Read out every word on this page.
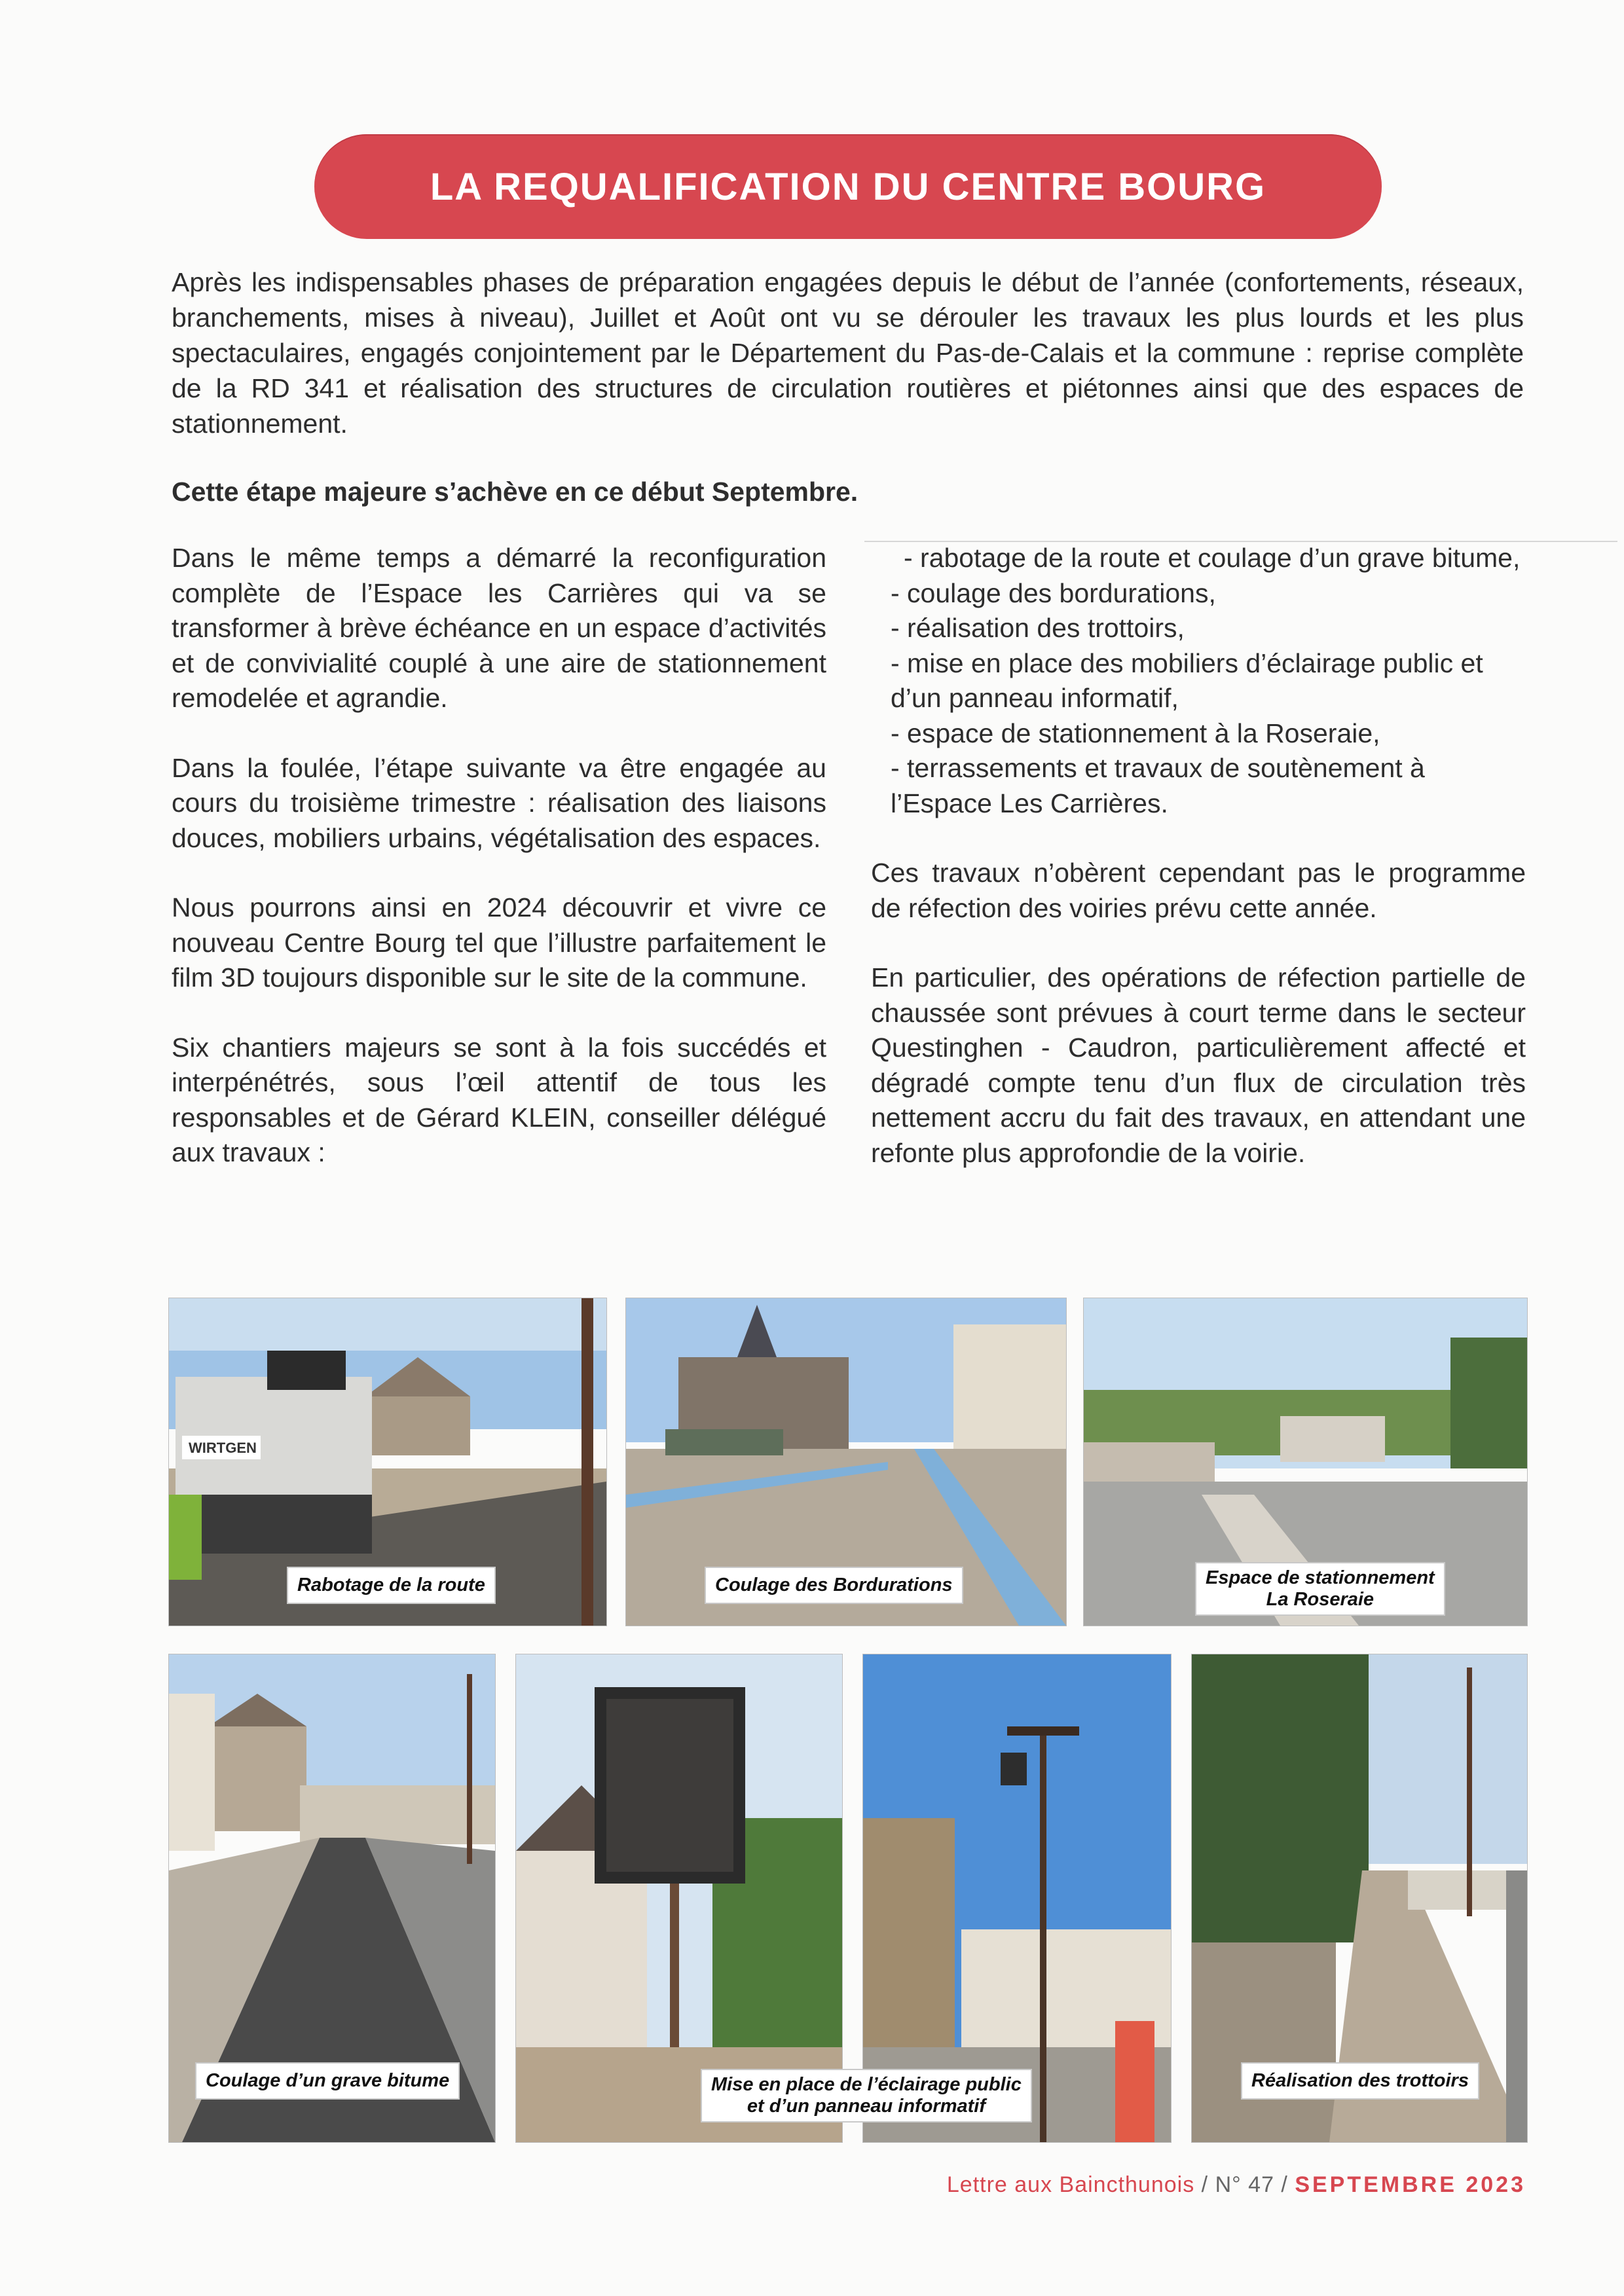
LA REQUALIFICATION DU CENTRE BOURG

Après les indispensables phases de préparation engagées depuis le début de l’année (confortements, réseaux, branchements, mises à niveau), Juillet et Août ont vu se dérouler les travaux les plus lourds et les plus spectaculaires, engagés conjointement par le Département du Pas-de-Calais et la commune : reprise complète de la RD 341 et réalisation des structures de circulation routières et piétonnes ainsi que des espaces de stationnement.

Cette étape majeure s’achève en ce début Septembre.

Dans le même temps a démarré la reconfiguration complète de l’Espace les Carrières qui va se transformer à brève échéance en un espace d’activités et de convivialité couplé à une aire de stationnement remodelée et agrandie.

Dans la foulée, l’étape suivante va être engagée au cours du troisième trimestre : réalisation des liaisons douces, mobiliers urbains, végétalisation des espaces.

Nous pourrons ainsi en 2024 découvrir et vivre ce nouveau Centre Bourg tel que l’illustre parfaitement le film 3D toujours disponible sur le site de la commune.

Six chantiers majeurs se sont à la fois succédés et interpénétrés, sous l’œil attentif de tous les responsables et de Gérard KLEIN, conseiller délégué aux travaux :

- rabotage de la route et coulage d’un grave bitume,
- coulage des bordurations,
- réalisation des trottoirs,
- mise en place des mobiliers d’éclairage public et d’un panneau informatif,
- espace de stationnement à la Roseraie,
- terrassements et travaux de soutènement à l’Espace Les Carrières.

Ces travaux n’obèrent cependant pas le programme de réfection des voiries prévu cette année.

En particulier, des opérations de réfection partielle de chaussée sont prévues à court terme dans le secteur Questinghen - Caudron, particulièrement affecté et dégradé compte tenu d’un flux de circulation très nettement accru du fait des travaux, en attendant une refonte plus approfondie de la voirie.

WIRTGEN
Rabotage de la route	Coulage des Bordurations	Espace de stationnement
La Roseraie
Coulage d’un grave bitume	Réalisation des trottoirs
Mise en place de l’éclairage public
et d’un panneau informatif
Lettre aux Baincthunois / N° 47 / SEPTEMBRE 2023
